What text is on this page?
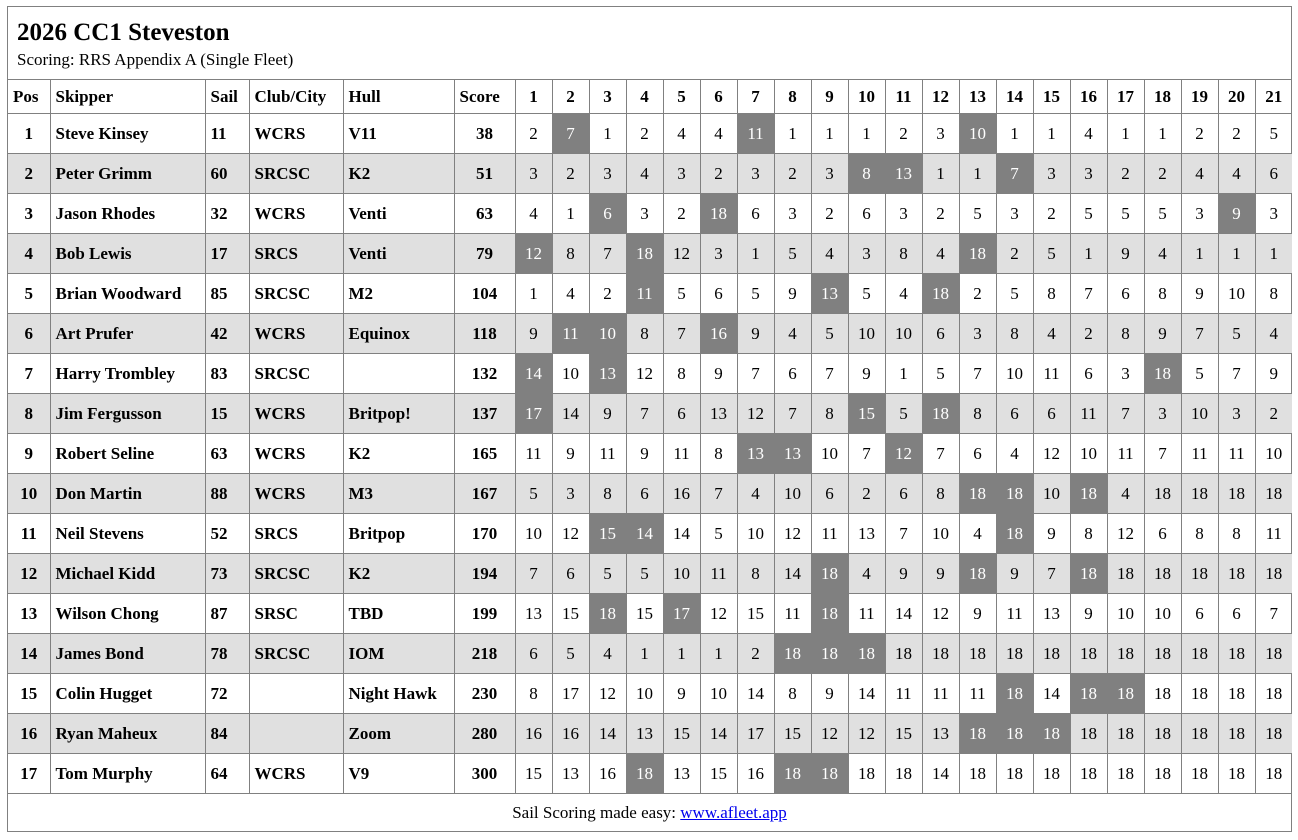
2026 CC1 Steveston
Scoring: RRS Appendix A (Single Fleet)
Pos	Skipper	Sail	Club/City	Hull	Score	1	2	3	4	5	6	7	8	9	10	11	12	13	14	15	16	17	18	19	20	21
1	Steve Kinsey	11	WCRS	V11	38	2	7	1	2	4	4	11	1	1	1	2	3	10	1	1	4	1	1	2	2	5
2	Peter Grimm	60	SRCSC	K2	51	3	2	3	4	3	2	3	2	3	8	13	1	1	7	3	3	2	2	4	4	6
3	Jason Rhodes	32	WCRS	Venti	63	4	1	6	3	2	18	6	3	2	6	3	2	5	3	2	5	5	5	3	9	3
4	Bob Lewis	17	SRCS	Venti	79	12	8	7	18	12	3	1	5	4	3	8	4	18	2	5	1	9	4	1	1	1
5	Brian Woodward	85	SRCSC	M2	104	1	4	2	11	5	6	5	9	13	5	4	18	2	5	8	7	6	8	9	10	8
6	Art Prufer	42	WCRS	Equinox	118	9	11	10	8	7	16	9	4	5	10	10	6	3	8	4	2	8	9	7	5	4
7	Harry Trombley	83	SRCSC		132	14	10	13	12	8	9	7	6	7	9	1	5	7	10	11	6	3	18	5	7	9
8	Jim Fergusson	15	WCRS	Britpop!	137	17	14	9	7	6	13	12	7	8	15	5	18	8	6	6	11	7	3	10	3	2
9	Robert Seline	63	WCRS	K2	165	11	9	11	9	11	8	13	13	10	7	12	7	6	4	12	10	11	7	11	11	10
10	Don Martin	88	WCRS	M3	167	5	3	8	6	16	7	4	10	6	2	6	8	18	18	10	18	4	18	18	18	18
11	Neil Stevens	52	SRCS	Britpop	170	10	12	15	14	14	5	10	12	11	13	7	10	4	18	9	8	12	6	8	8	11
12	Michael Kidd	73	SRCSC	K2	194	7	6	5	5	10	11	8	14	18	4	9	9	18	9	7	18	18	18	18	18	18
13	Wilson Chong	87	SRSC	TBD	199	13	15	18	15	17	12	15	11	18	11	14	12	9	11	13	9	10	10	6	6	7
14	James Bond	78	SRCSC	IOM	218	6	5	4	1	1	1	2	18	18	18	18	18	18	18	18	18	18	18	18	18	18
15	Colin Hugget	72		Night Hawk	230	8	17	12	10	9	10	14	8	9	14	11	11	11	18	14	18	18	18	18	18	18
16	Ryan Maheux	84		Zoom	280	16	16	14	13	15	14	17	15	12	12	15	13	18	18	18	18	18	18	18	18	18
17	Tom Murphy	64	WCRS	V9	300	15	13	16	18	13	15	16	18	18	18	18	14	18	18	18	18	18	18	18	18	18
Sail Scoring made easy: www.afleet.app
